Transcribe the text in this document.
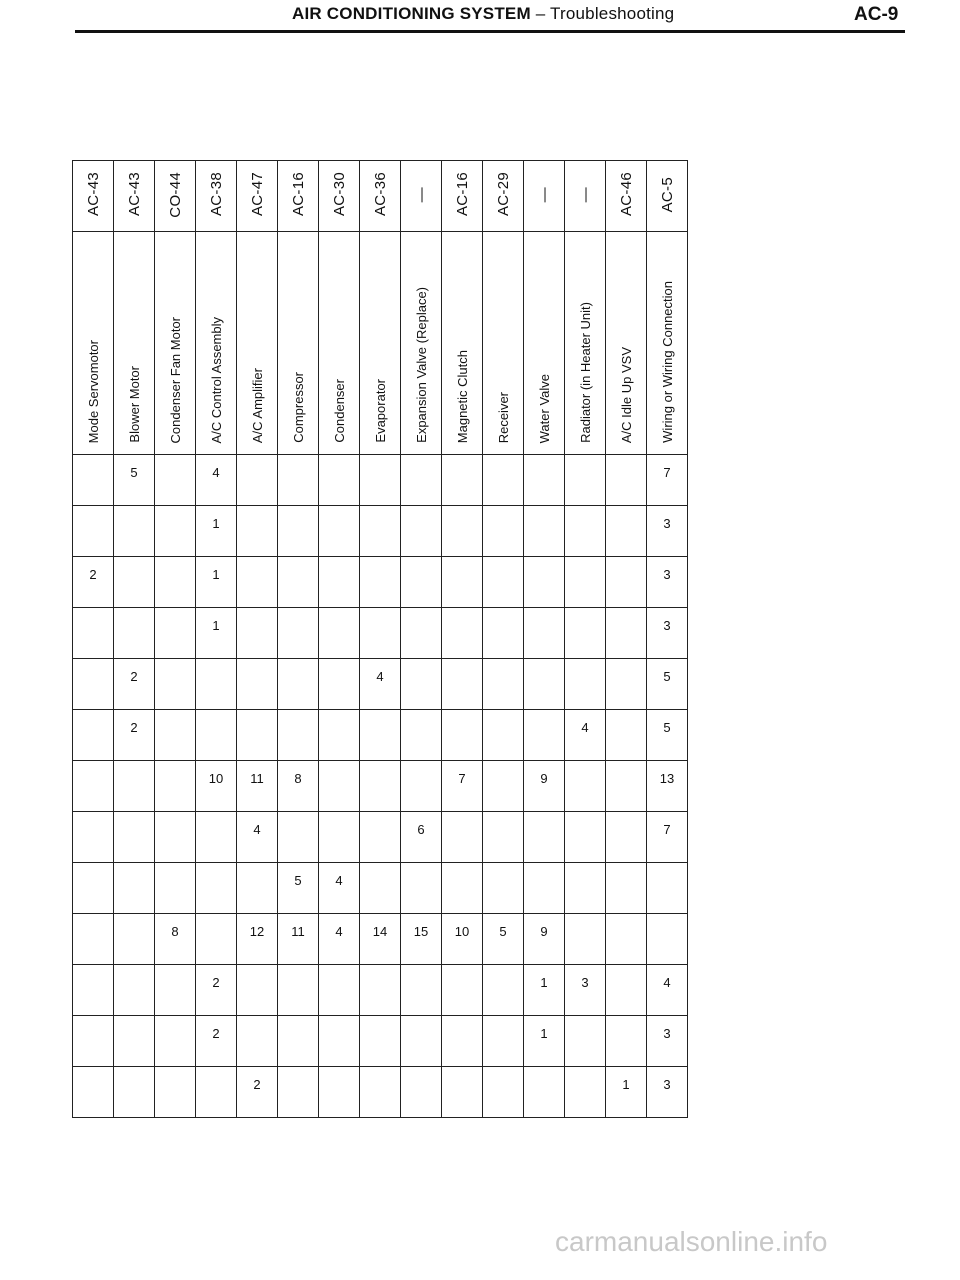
AIR CONDITIONING SYSTEM – Troubleshooting	AC-9
AC-43	AC-43	CO-44	AC-38	AC-47	AC-16	AC-30	AC-36	—	AC-16	AC-29	—	—	AC-46	AC-5
Mode Servomotor	Blower Motor	Condenser Fan Motor	A/C Control Assembly	A/C Amplifier	Compressor	Condenser	Evaporator	Expansion Valve (Replace)	Magnetic Clutch	Receiver	Water Valve	Radiator (in Heater Unit)	A/C Idle Up VSV	Wiring or Wiring Connection
	5		4											7
			1											3
2			1											3
			1											3
	2						4							5
	2											4		5
			10	11	8				7		9			13
				4				6						7
					5	4								
		8		12	11	4	14	15	10	5	9			
			2								1	3		4
			2								1			3
				2									1	3
carmanualsonline.info
